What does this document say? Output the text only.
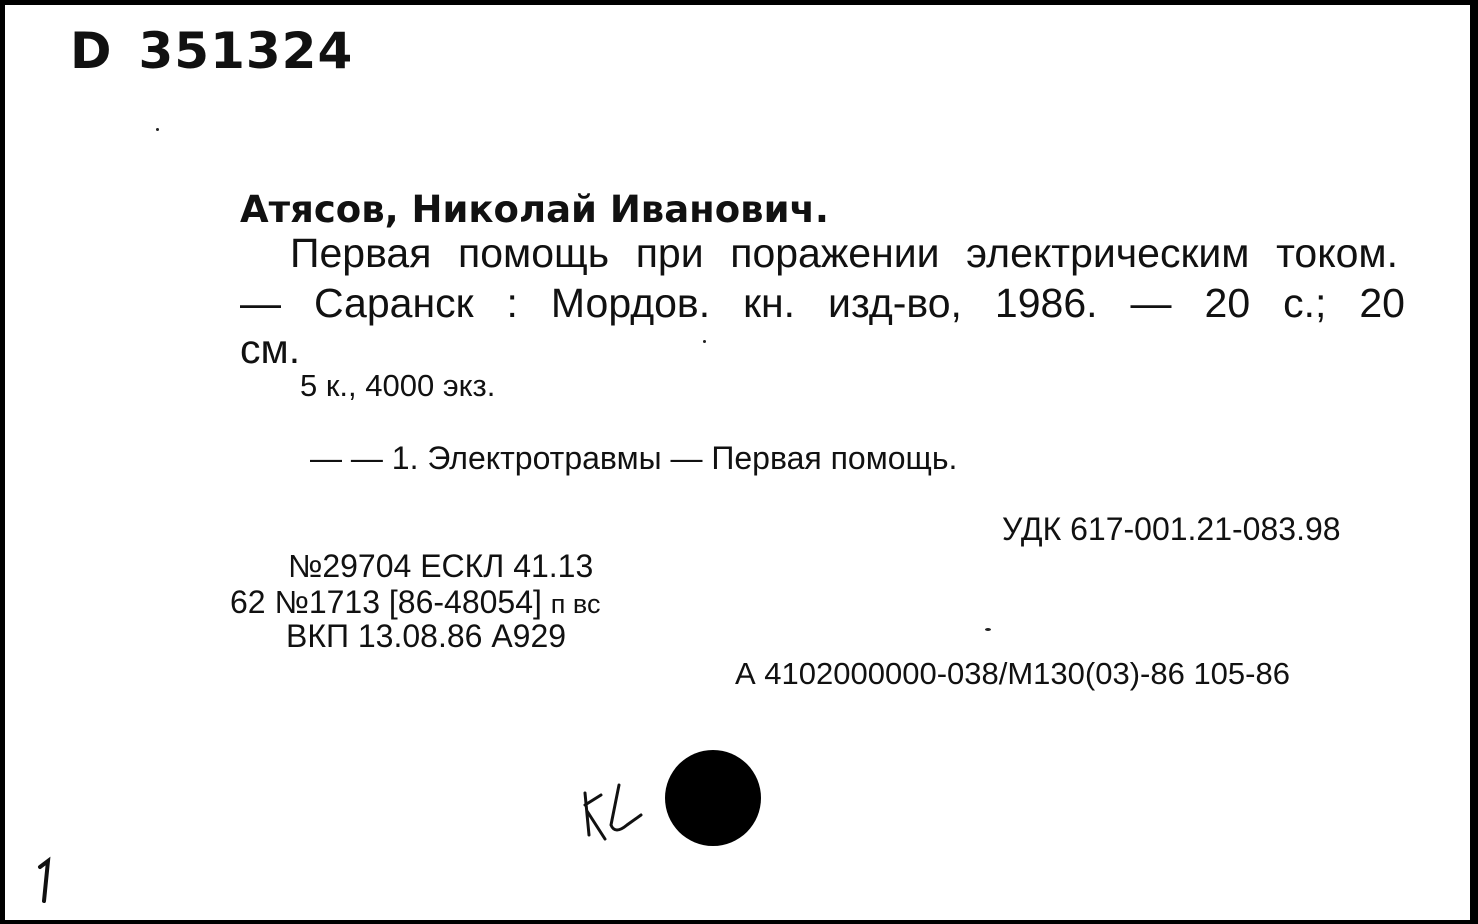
D 351324
Атясов, Николай Иванович.
Первая помощь при поражении электрическим током.
— Саранск : Мордов. кн. изд-во, 1986. — 20 с.; 20
см.
5 к., 4000 экз.
— — 1. Электротравмы — Первая помощь.
УДК 617-001.21-083.98
№29704 ЕСКЛ 41.13
62 №1713 [86-48054] п вс
ВКП 13.08.86 А929
А 4102000000-038/М130(03)-86 105-86
